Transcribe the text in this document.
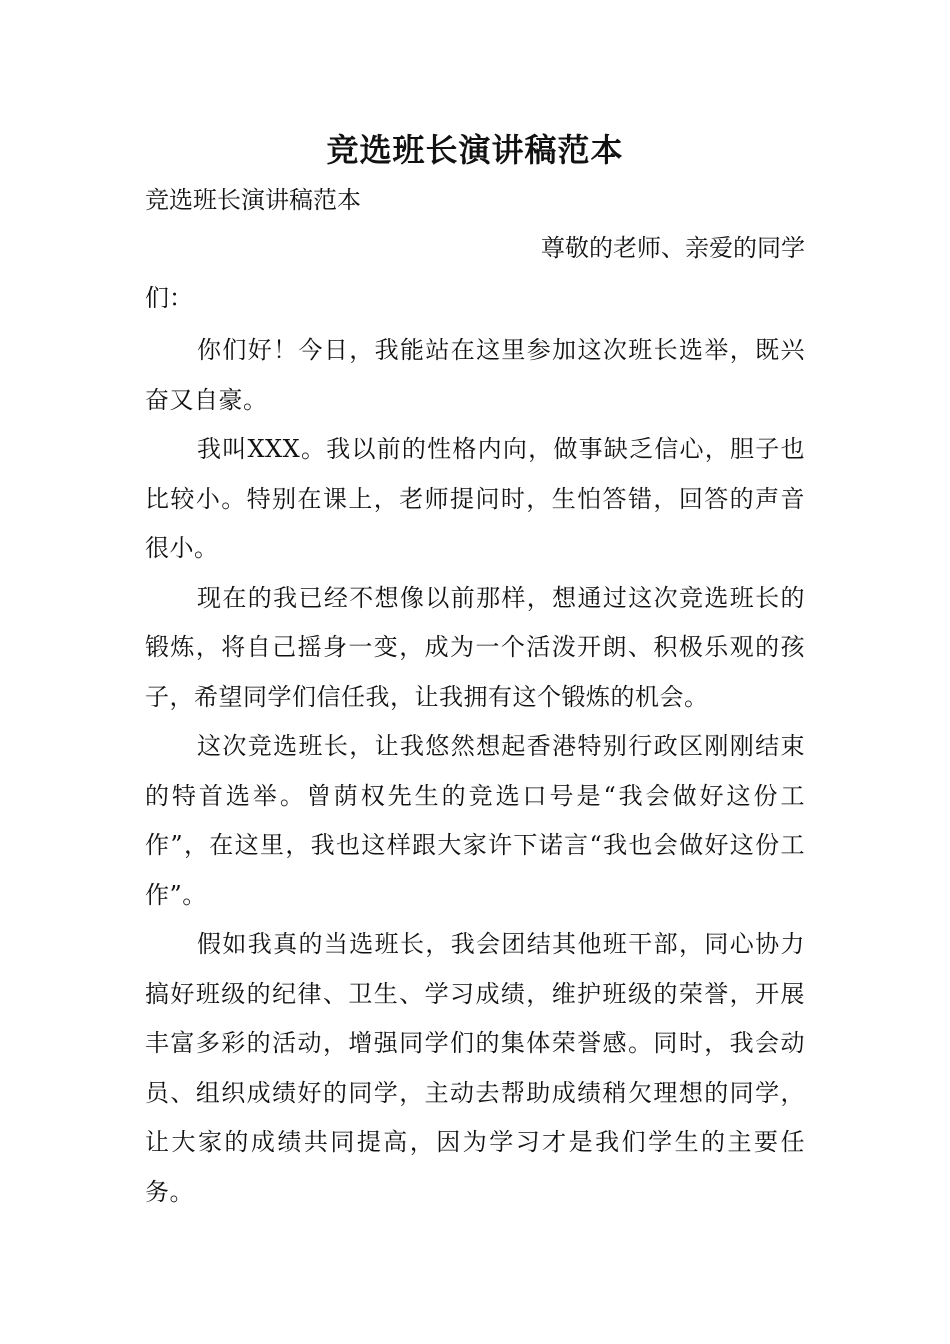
竞选班长演讲稿范本
竞选班长演讲稿范本
尊敬的老师、亲爱的同学
们：

你们好！今日，我能站在这里参加这次班长选举，既兴奋又自豪。

我叫XXX。我以前的性格内向，做事缺乏信心，胆子也比较小。特别在课上，老师提问时，生怕答错，回答的声音很小。

现在的我已经不想像以前那样，想通过这次竞选班长的锻炼，将自己摇身一变，成为一个活泼开朗、积极乐观的孩子，希望同学们信任我，让我拥有这个锻炼的机会。

这次竞选班长，让我悠然想起香港特别行政区刚刚结束的特首选举。曾荫权先生的竞选口号是“我会做好这份工作”，在这里，我也这样跟大家许下诺言“我也会做好这份工作”。

假如我真的当选班长，我会团结其他班干部，同心协力搞好班级的纪律、卫生、学习成绩，维护班级的荣誉，开展丰富多彩的活动，增强同学们的集体荣誉感。同时，我会动员、组织成绩好的同学，主动去帮助成绩稍欠理想的同学，让大家的成绩共同提高，因为学习才是我们学生的主要任务。
